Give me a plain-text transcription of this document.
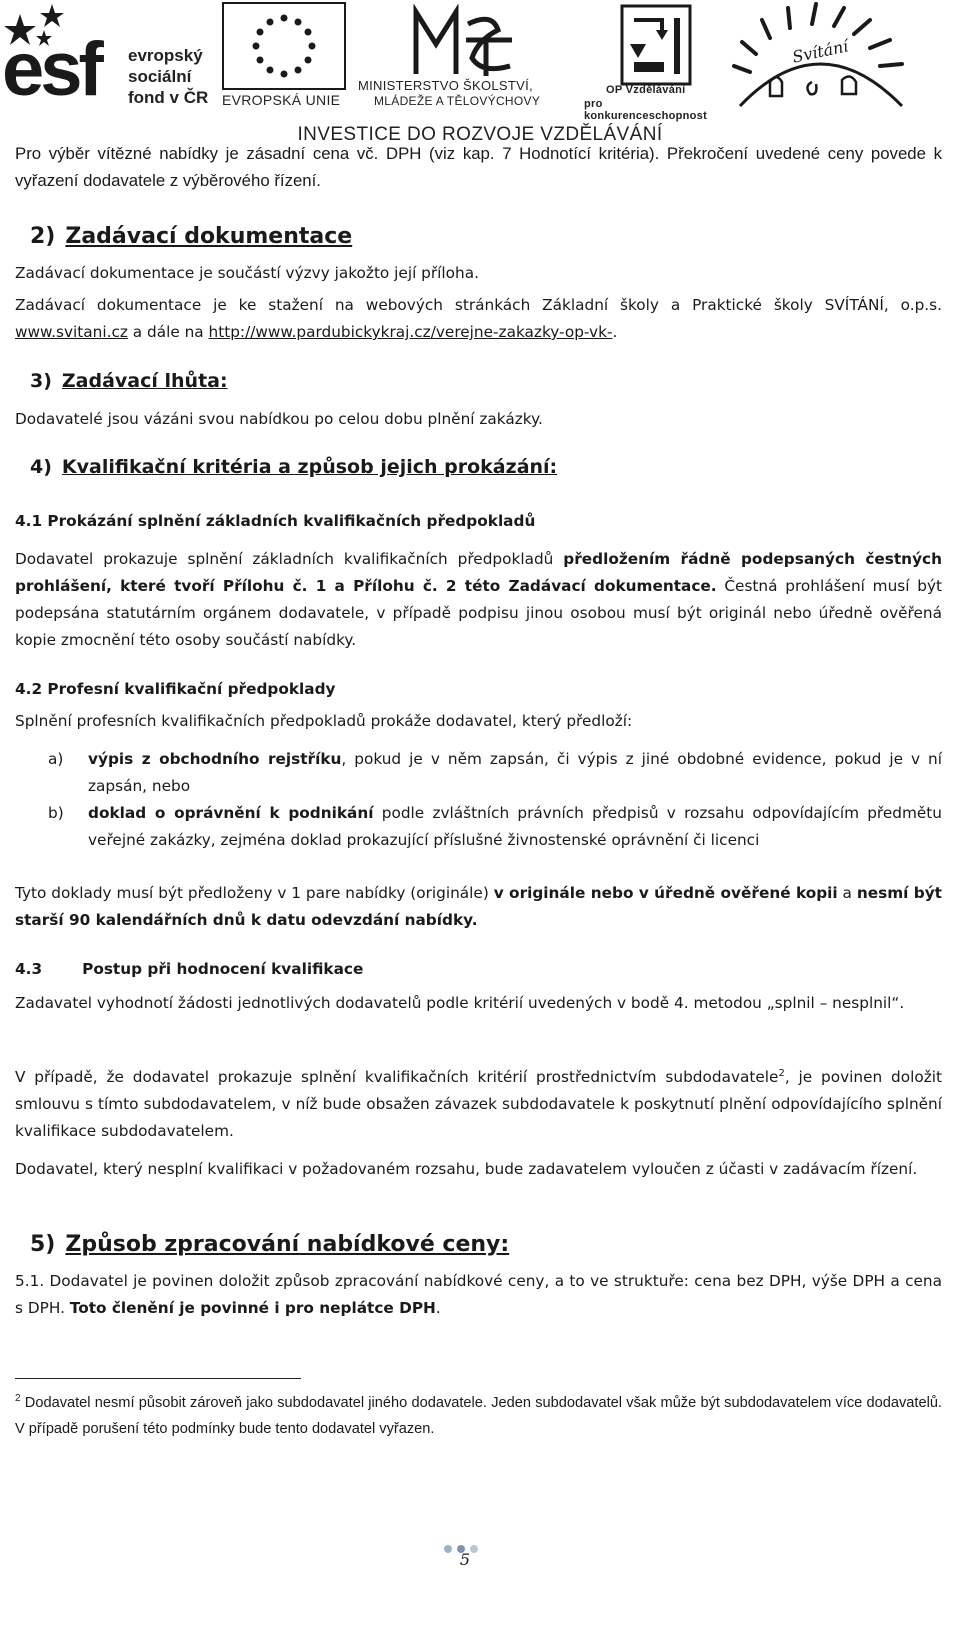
esf evropský
sociální
fond v ČR EVROPSKÁ UNIE
MINISTERSTVO ŠKOLSTVÍ,
MLÁDEŽE A TĚLOVÝCHOVY
OP Vzdělávání
pro konkurenceschopnost
Svítání
INVESTICE DO ROZVOJE VZDĚLÁVÁNÍ

Pro výběr vítězné nabídky je zásadní cena vč. DPH (viz kap. 7 Hodnotící kritéria). Překročení uvedené ceny povede k vyřazení dodavatele z výběrového řízení.

2) Zadávací dokumentace

Zadávací dokumentace je součástí výzvy jakožto její příloha.

Zadávací dokumentace je ke stažení na webových stránkách Základní školy a Praktické školy SVÍTÁNÍ, o.p.s. www.svitani.cz a dále na http://www.pardubickykraj.cz/verejne-zakazky-op-vk-.

3) Zadávací lhůta:

Dodavatelé jsou vázáni svou nabídkou po celou dobu plnění zakázky.

4) Kvalifikační kritéria a způsob jejich prokázání:
4.1 Prokázání splnění základních kvalifikačních předpokladů

Dodavatel prokazuje splnění základních kvalifikačních předpokladů předložením řádně podepsaných čestných prohlášení, které tvoří Přílohu č. 1 a Přílohu č. 2 této Zadávací dokumentace. Čestná prohlášení musí být podepsána statutárním orgánem dodavatele, v případě podpisu jinou osobou musí být originál nebo úředně ověřená kopie zmocnění této osoby součástí nabídky.

4.2 Profesní kvalifikační předpoklady

Splnění profesních kvalifikačních předpokladů prokáže dodavatel, který předloží:

a) výpis z obchodního rejstříku, pokud je v něm zapsán, či výpis z jiné obdobné evidence, pokud je v ní zapsán, nebo
b) doklad o oprávnění k podnikání podle zvláštních právních předpisů v rozsahu odpovídajícím předmětu veřejné zakázky, zejména doklad prokazující příslušné živnostenské oprávnění či licenci

Tyto doklady musí být předloženy v 1 pare nabídky (originále) v originále nebo v úředně ověřené kopii a nesmí být starší 90 kalendářních dnů k datu odevzdání nabídky.

4.3	Postup při hodnocení kvalifikace

Zadavatel vyhodnotí žádosti jednotlivých dodavatelů podle kritérií uvedených v bodě 4. metodou „splnil – nesplnil“.

V případě, že dodavatel prokazuje splnění kvalifikačních kritérií prostřednictvím subdodavatele$^2$, je povinen doložit smlouvu s tímto subdodavatelem, v níž bude obsažen závazek subdodavatele k poskytnutí plnění odpovídajícího splnění kvalifikace subdodavatelem.

Dodavatel, který nesplní kvalifikaci v požadovaném rozsahu, bude zadavatelem vyloučen z účasti v zadávacím řízení.

5) Způsob zpracování nabídkové ceny:

5.1. Dodavatel je povinen doložit způsob zpracování nabídkové ceny, a to ve struktuře: cena bez DPH, výše DPH a cena s DPH. Toto členění je povinné i pro neplátce DPH.

$^2$ Dodavatel nesmí působit zároveň jako subdodavatel jiného dodavatele. Jeden subdodavatel však může být subdodavatelem více dodavatelů. V případě porušení této podmínky bude tento dodavatel vyřazen.
5
